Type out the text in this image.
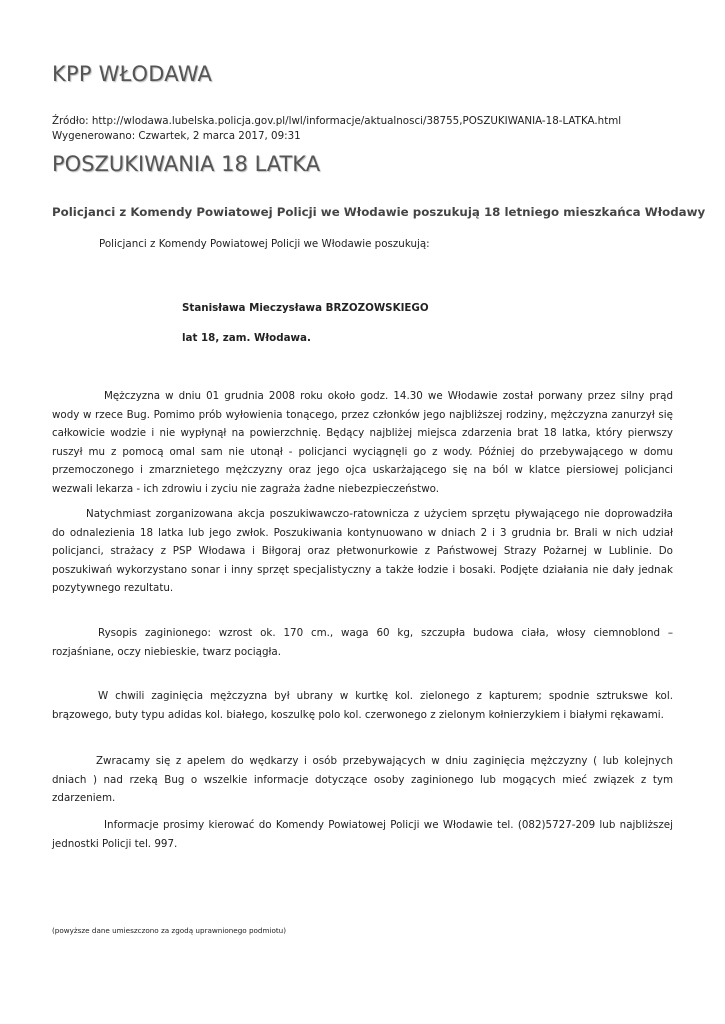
KPP WŁODAWA
Źródło: http://wlodawa.lubelska.policja.gov.pl/lwl/informacje/aktualnosci/38755,POSZUKIWANIA-18-LATKA.html
Wygenerowano: Czwartek, 2 marca 2017, 09:31
POSZUKIWANIA 18 LATKA
Policjanci z Komendy Powiatowej Policji we Włodawie poszukują 18 letniego mieszkańca Włodawy
Policjanci z Komendy Powiatowej Policji we Włodawie poszukują:
Stanisława Mieczysława BRZOZOWSKIEGO
lat 18, zam. Włodawa.

Mężczyzna w dniu 01 grudnia 2008 roku około godz. 14.30 we Włodawie został porwany przez silny prąd wody w rzece Bug. Pomimo prób wyłowienia tonącego, przez członków jego najbliższej rodziny, mężczyzna zanurzył się całkowicie wodzie i nie wypłynął na powierzchnię. Będący najbliżej miejsca zdarzenia brat 18 latka, który pierwszy ruszył mu z pomocą omal sam nie utonął - policjanci wyciągnęli go z wody. Później do przebywającego w domu przemoczonego i zmarznietego mężczyzny oraz jego ojca uskarżającego się na ból w klatce piersiowej policjanci wezwali lekarza - ich zdrowiu i zyciu nie zagraża żadne niebezpieczeństwo.

Natychmiast zorganizowana akcja poszukiwawczo-ratownicza z użyciem sprzętu pływającego nie doprowadziła do odnalezienia 18 latka lub jego zwłok. Poszukiwania kontynuowano w dniach 2 i 3 grudnia br. Brali w nich udział policjanci, strażacy z PSP Włodawa i Biłgoraj oraz płetwonurkowie z Państwowej Strazy Pożarnej w Lublinie. Do poszukiwań wykorzystano sonar i inny sprzęt specjalistyczny a także łodzie i bosaki. Podjęte działania nie dały jednak pozytywnego rezultatu.

Rysopis zaginionego: wzrost ok. 170 cm., waga 60 kg, szczupła budowa ciała, włosy ciemnoblond – rozjaśniane, oczy niebieskie, twarz pociągła.

W chwili zaginięcia mężczyzna był ubrany w kurtkę kol. zielonego z kapturem; spodnie sztrukswe kol. brązowego, buty typu adidas kol. białego, koszulkę polo kol. czerwonego z zielonym kołnierzykiem i białymi rękawami.

Zwracamy się z apelem do wędkarzy i osób przebywających w dniu zaginięcia mężczyzny ( lub kolejnych dniach ) nad rzeką Bug o wszelkie informacje dotyczące osoby zaginionego lub mogących mieć związek z tym zdarzeniem.

Informacje prosimy kierować do Komendy Powiatowej Policji we Włodawie tel. (082)5727-209 lub najbliższej jednostki Policji tel. 997.

(powyższe dane umieszczono za zgodą uprawnionego podmiotu)
